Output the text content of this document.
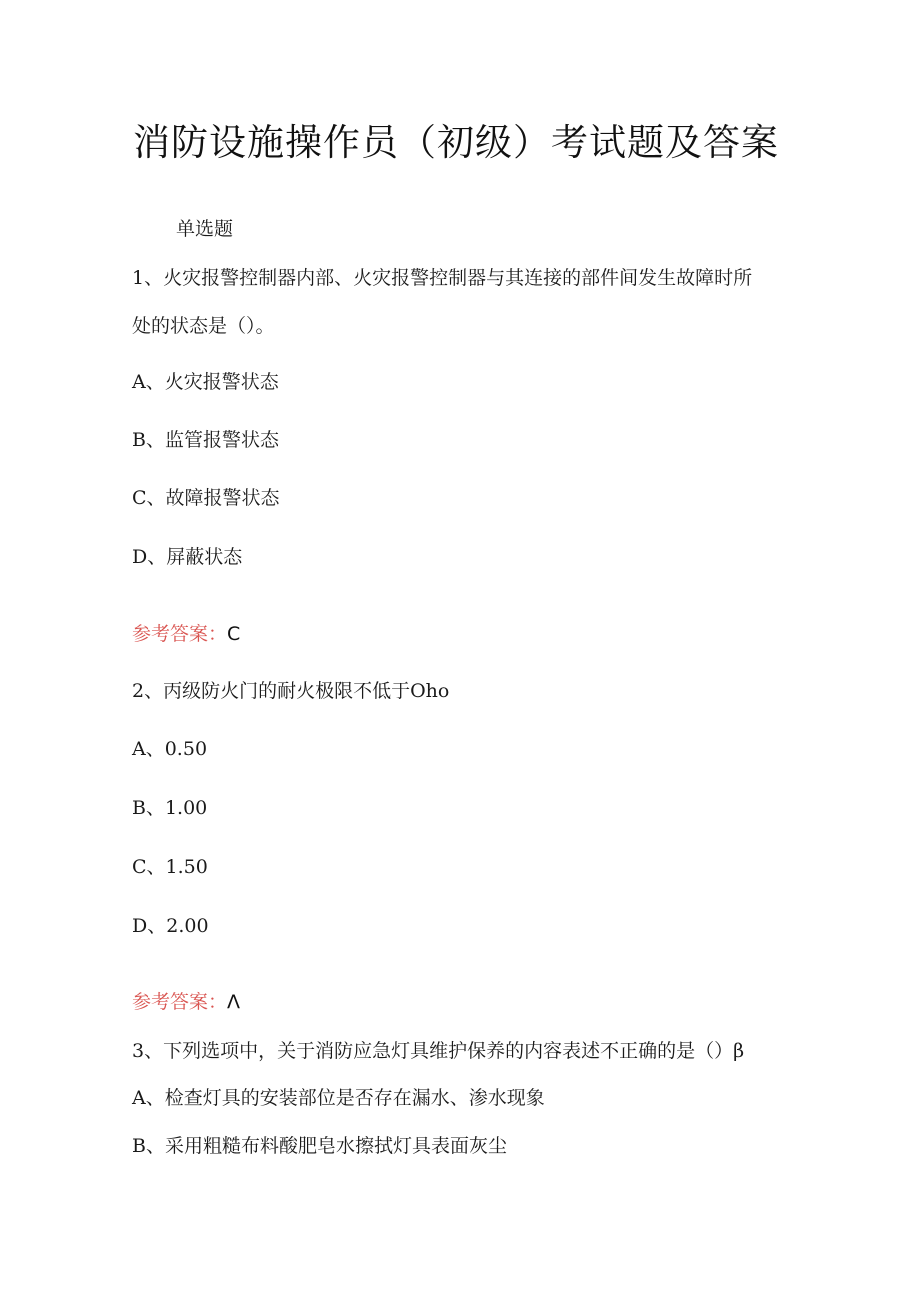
消防设施操作员（初级）考试题及答案
单选题
1、火灾报警控制器内部、火灾报警控制器与其连接的部件间发生故障时所
处的状态是（）。
A、火灾报警状态
B、监管报警状态
C、故障报警状态
D、屏蔽状态
参考答案：C
2、丙级防火门的耐火极限不低于Oho
A、0.50
B、1.00
C、1.50
D、2.00
参考答案：Λ
3、下列选项中，关于消防应急灯具维护保养的内容表述不正确的是（）β
A、检查灯具的安装部位是否存在漏水、渗水现象
B、采用粗糙布料酸肥皂水擦拭灯具表面灰尘
